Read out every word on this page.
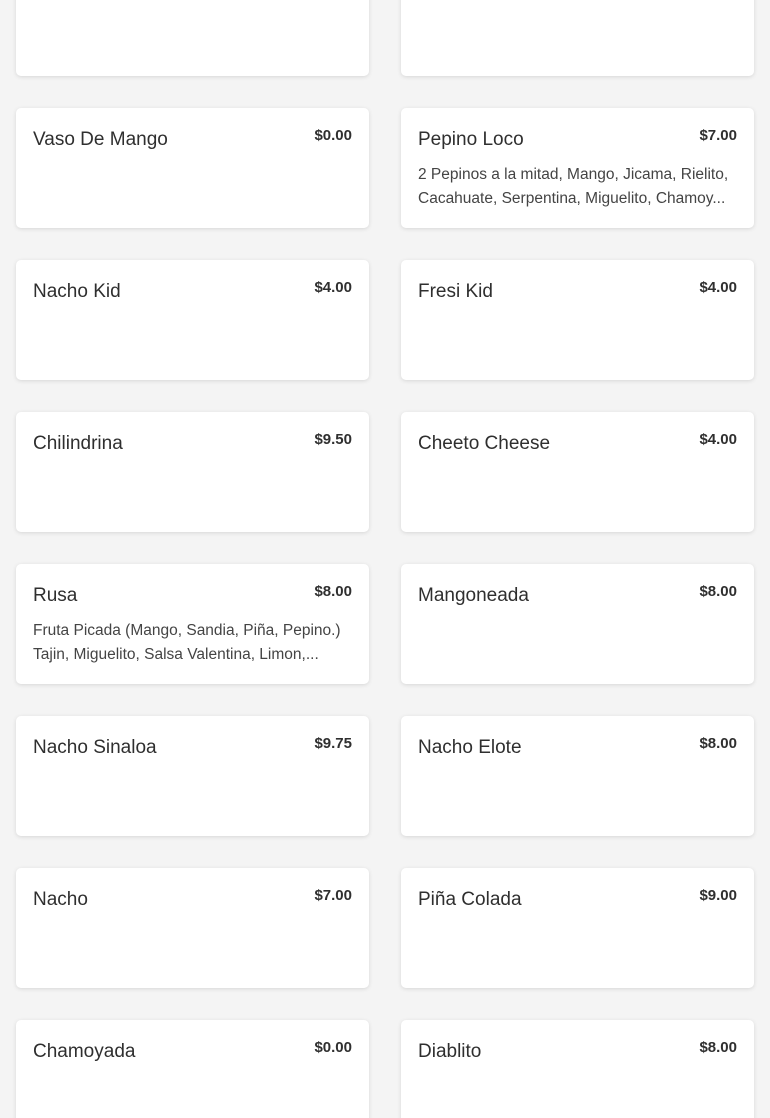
Vaso De Mango	$0.00	Pepino Loco	$7.00
2 Pepinos a la mitad, Mango, Jicama, Rielito, Cacahuate, Serpentina, Miguelito, Chamoy...
Nacho Kid	$4.00	Fresi Kid	$4.00
Chilindrina	$9.50	Cheeto Cheese	$4.00
Rusa	$8.00
Fruta Picada (Mango, Sandia, Piña, Pepino.) Tajin, Miguelito, Salsa Valentina, Limon,...
Mangoneada	$8.00
Nacho Sinaloa	$9.75	Nacho Elote	$8.00
Nacho	$7.00	Piña Colada	$9.00
Chamoyada	$0.00	Diablito	$8.00
